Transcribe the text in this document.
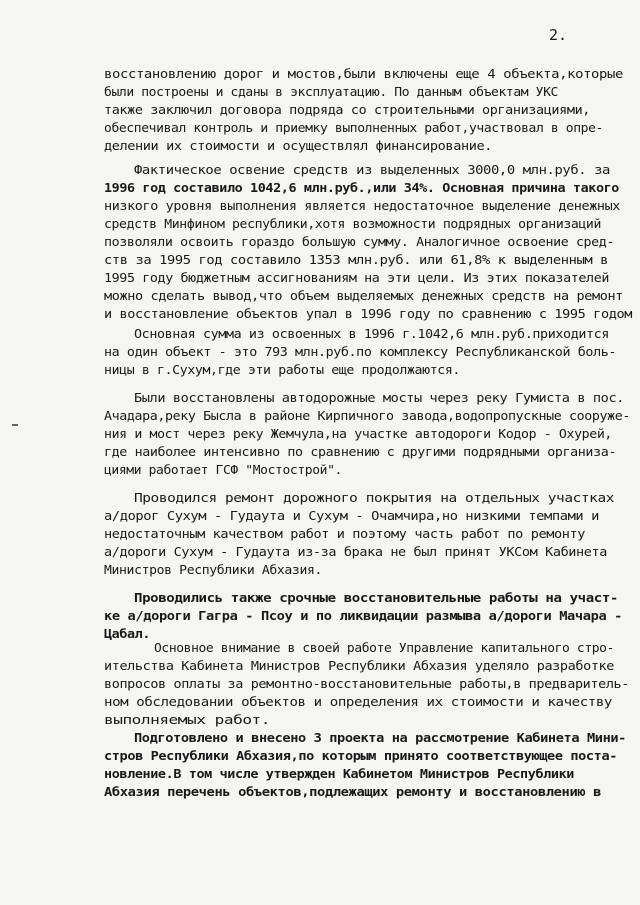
2.
восстановлению дорог и мостов,были включены еще 4 объекта,которые
были построены и сданы в эксплуатацию. По данным объектам УКС
также заключил договора подряда со строительными организациями,
обеспечивал контроль и приемку выполненных работ,участвовал в опре-
делении их стоимости и осуществлял финансирование.
Фактическое освение средств из выделенных 3000,0 млн.руб. за
1996 год составило 1042,6 млн.руб.,или 34%. Основная причина такого
низкого уровня выполнения является недостаточное выделение денежных
средств Минфином республики,хотя возможности подрядных организаций
позволяли освоить гораздо большую сумму. Аналогичное освоение сред-
ств за 1995 год составило 1353 млн.руб. или 61,8% к выделенным в
1995 году бюджетным ассигнованиям на эти цели. Из этих показателей
можно сделать вывод,что объем выделяемых денежных средств на ремонт
и восстановление объектов упал в 1996 году по сравнению с 1995 годом
Основная сумма из освоенных в 1996 г.1042,6 млн.руб.приходится
на один объект - это 793 млн.руб.по комплексу Республиканской боль-
ницы в г.Сухум,где эти работы еще продолжаются.
Были восстановлены автодорожные мосты через реку Гумиста в пос.
Ачадара,реку Бысла в районе Кирпичного завода,водопропускные сооруже-
ния и мост через реку Жемчула,на участке автодороги Кодор - Охурей,
где наиболее интенсивно по сравнению с другими подрядными организа-
циями работает ГСФ "Мостострой".
Проводился ремонт дорожного покрытия на отдельных участках
а/дорог Сухум - Гудаута и Сухум - Очамчира,но низкими темпами и
недостаточным качеством работ и поэтому часть работ по ремонту
а/дороги Сухум - Гудаута из-за брака не был принят УКСом Кабинета
Министров Республики Абхазия.
Проводились также срочные восстановительные работы на участ-
ке а/дороги Гагра - Псоу и по ликвидации размыва а/дороги Мачара -
Цабал.
Основное внимание в своей работе Управление капитального стро-
ительства Кабинета Министров Республики Абхазия уделяло разработке
вопросов оплаты за ремонтно-восстановительные работы,в предваритель-
ном обследовании объектов и определения их стоимости и качеству
выполняемых работ.
Подготовлено и внесено 3 проекта на рассмотрение Кабинета Мини-
стров Республики Абхазия,по которым принято соответствующее поста-
новление.В том числе утвержден Кабинетом Министров Республики
Абхазия перечень объектов,подлежащих ремонту и восстановлению в
